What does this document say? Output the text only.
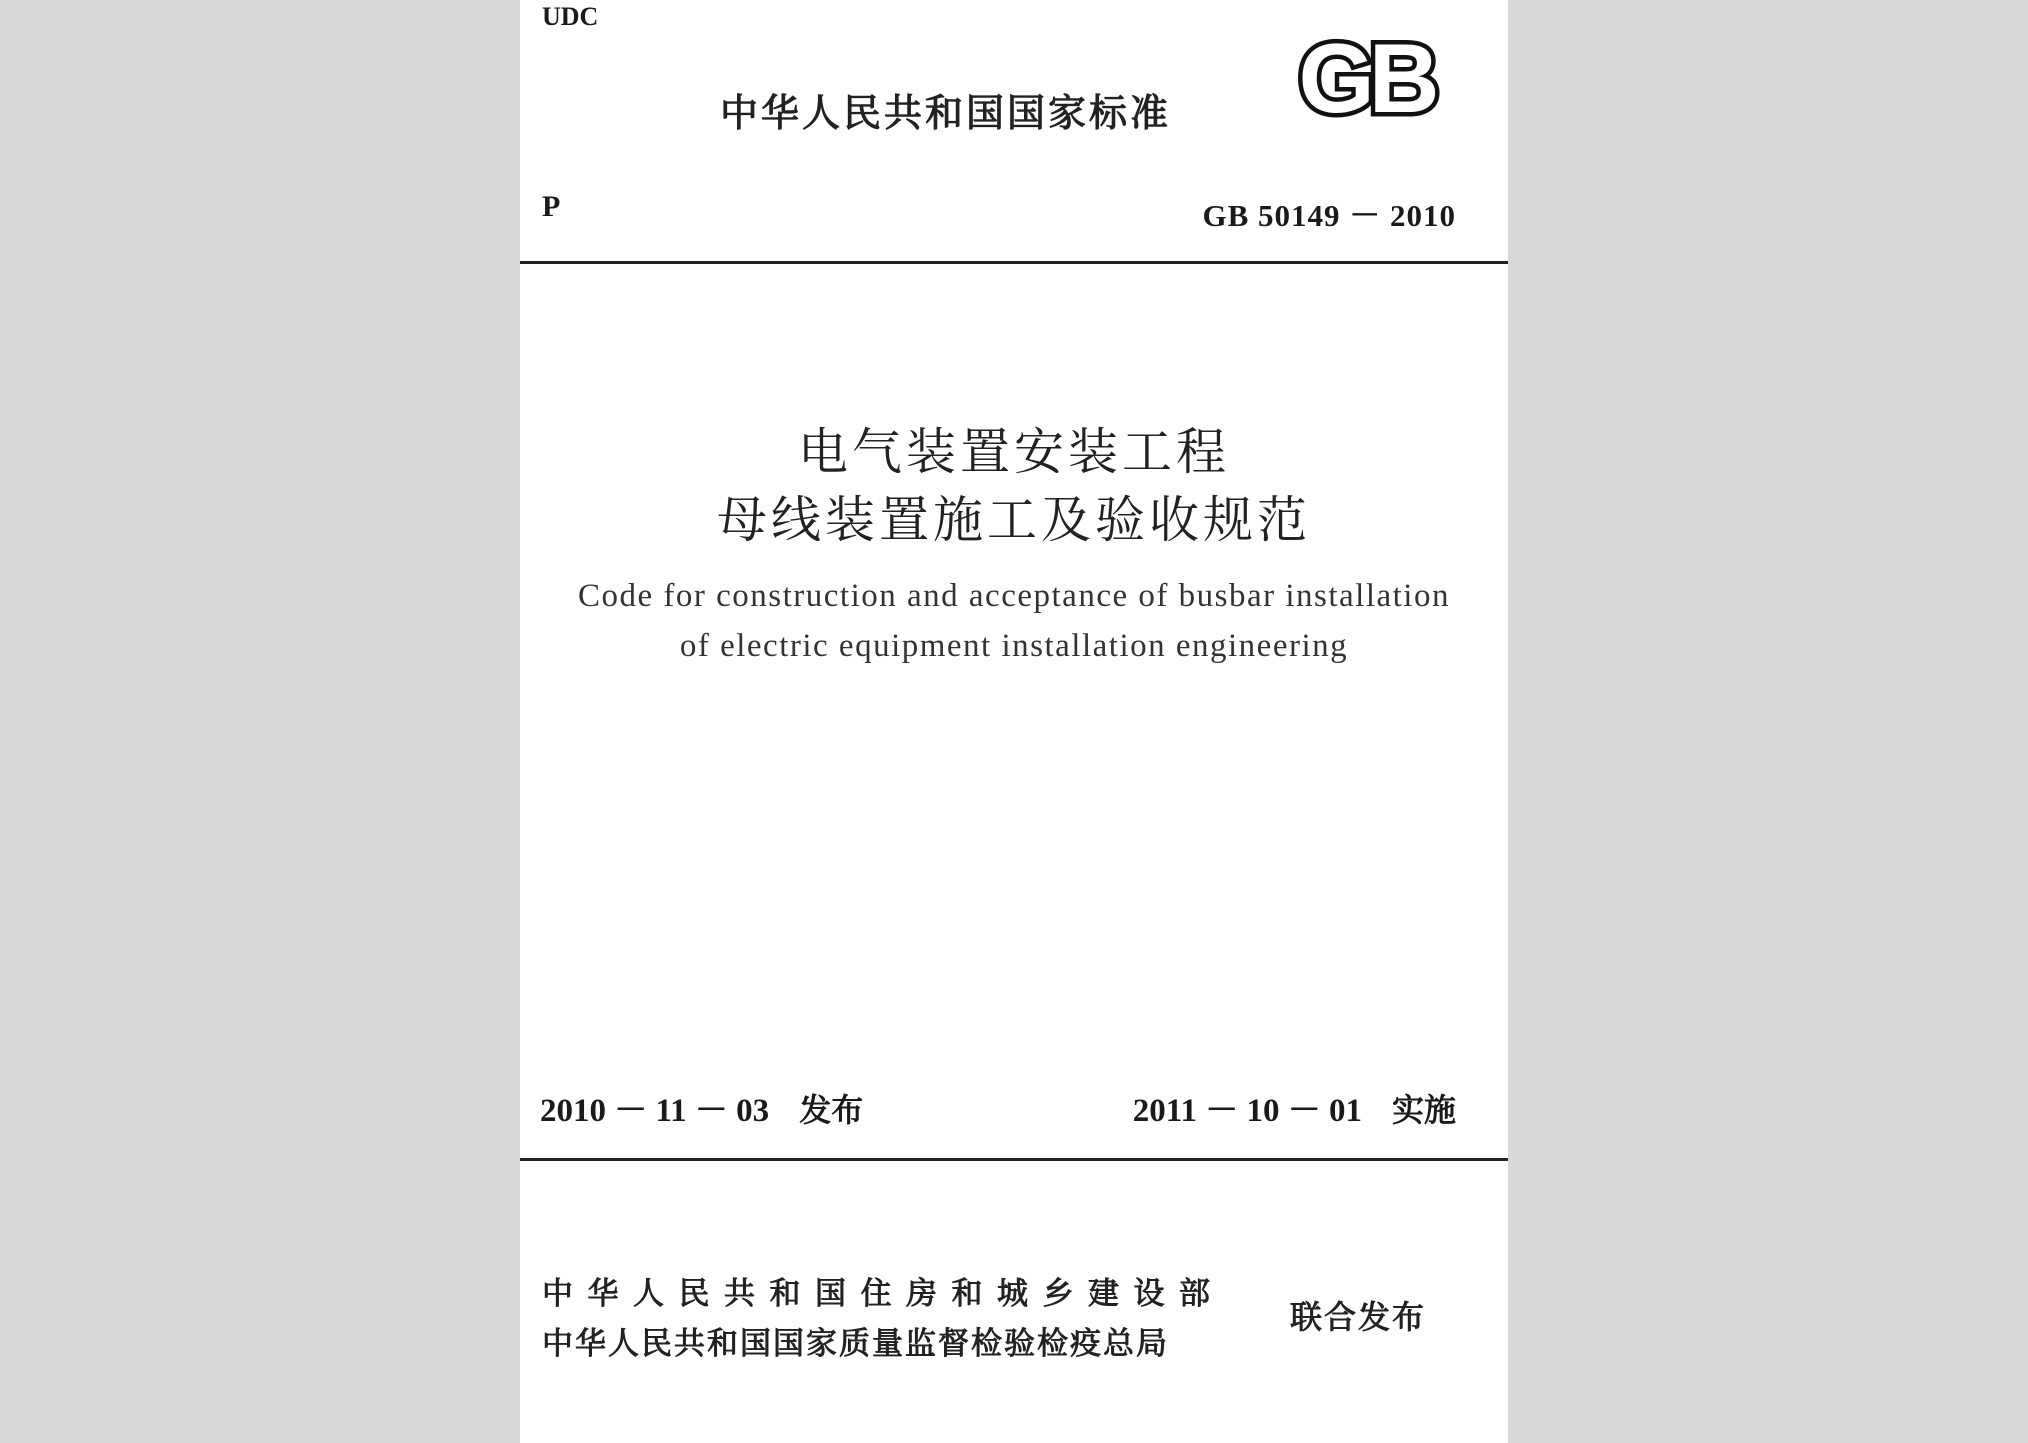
UDC
中华人民共和国国家标准 GB
P	GB 50149 － 2010
电气装置安装工程
母线装置施工及验收规范
Code for construction and acceptance of busbar installation
of electric equipment installation engineering
2010 － 11 － 03 发布	2011 － 10 － 01 实施
中华人民共和国住房和城乡建设部
中华人民共和国国家质量监督检验检疫总局
联合发布
